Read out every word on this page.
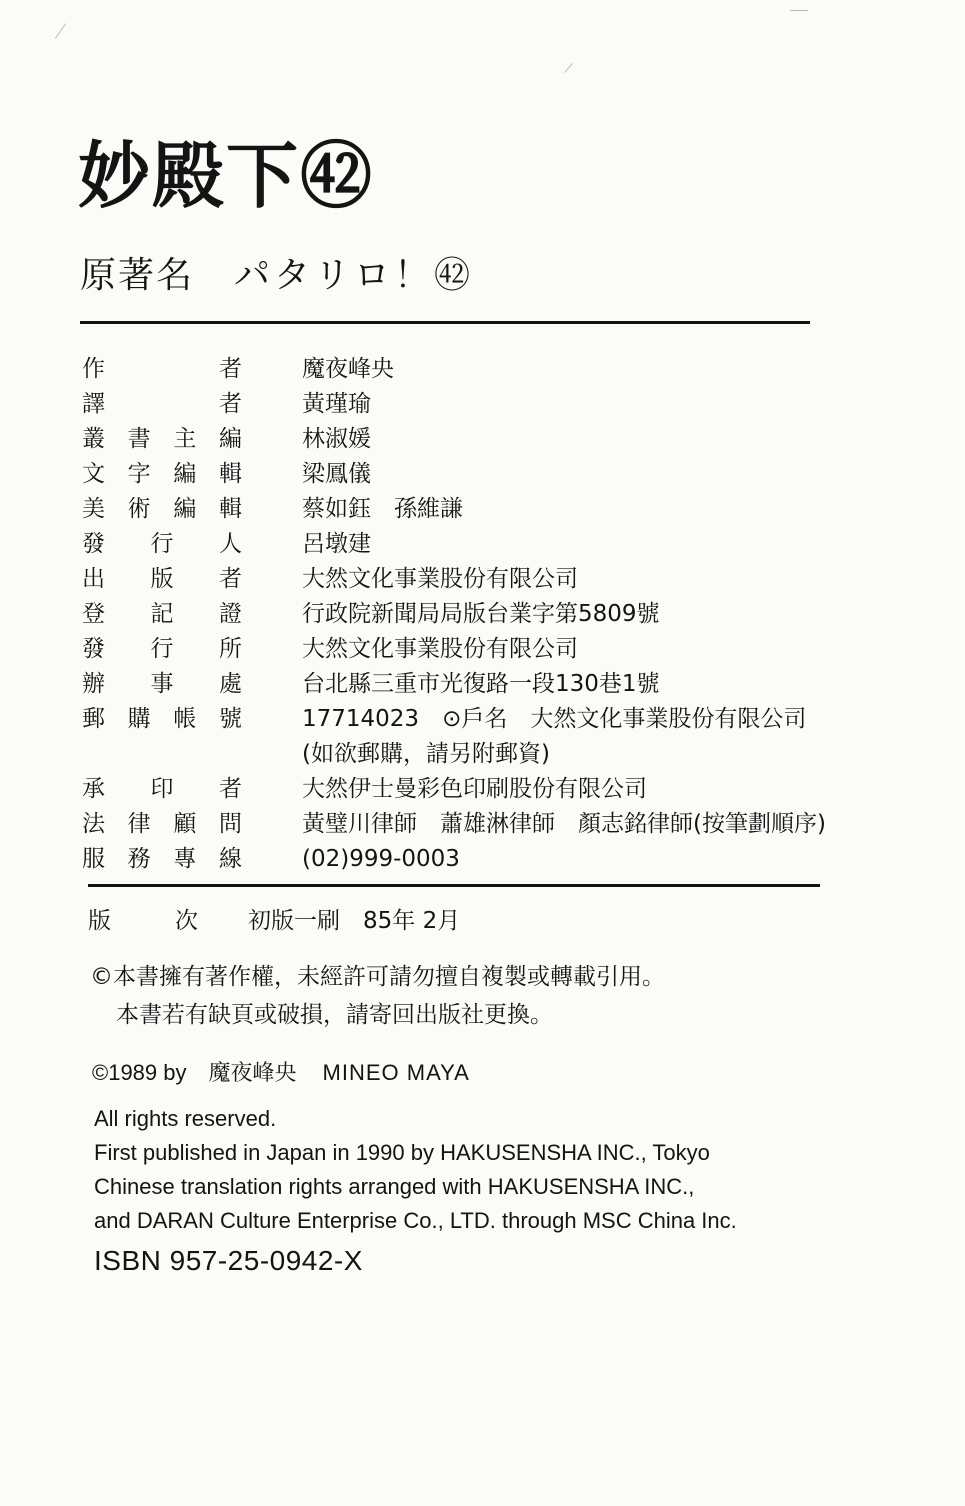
妙殿下㊷
原著名 パタリロ！㊷
作　者	魔夜峰央
譯　者	黃瑾瑜
叢書主編	林淑媛
文字編輯	梁鳳儀
美術編輯	蔡如鈺　孫維謙
發行人	呂墩建
出版者	大然文化事業股份有限公司
登記證	行政院新聞局局版台業字第5809號
發行所	大然文化事業股份有限公司
辦事處	台北縣三重市光復路一段130巷1號
郵購帳號	17714023　⊙戶名　大然文化事業股份有限公司
(如欲郵購，請另附郵資)
承印者	大然伊士曼彩色印刷股份有限公司
法律顧問	黃璧川律師　蕭雄淋律師　顏志銘律師(按筆劃順序)
服務專線	(02)999-0003
版　次 初版一刷　85年 2月
©本書擁有著作權，未經許可請勿擅自複製或轉載引用。
本書若有缺頁或破損，請寄回出版社更換。
©1989 by 魔夜峰央 MINEO MAYA
All rights reserved.
First published in Japan in 1990 by HAKUSENSHA INC., Tokyo
Chinese translation rights arranged with HAKUSENSHA INC.,
and DARAN Culture Enterprise Co., LTD. through MSC China Inc.
ISBN 957-25-0942-X
